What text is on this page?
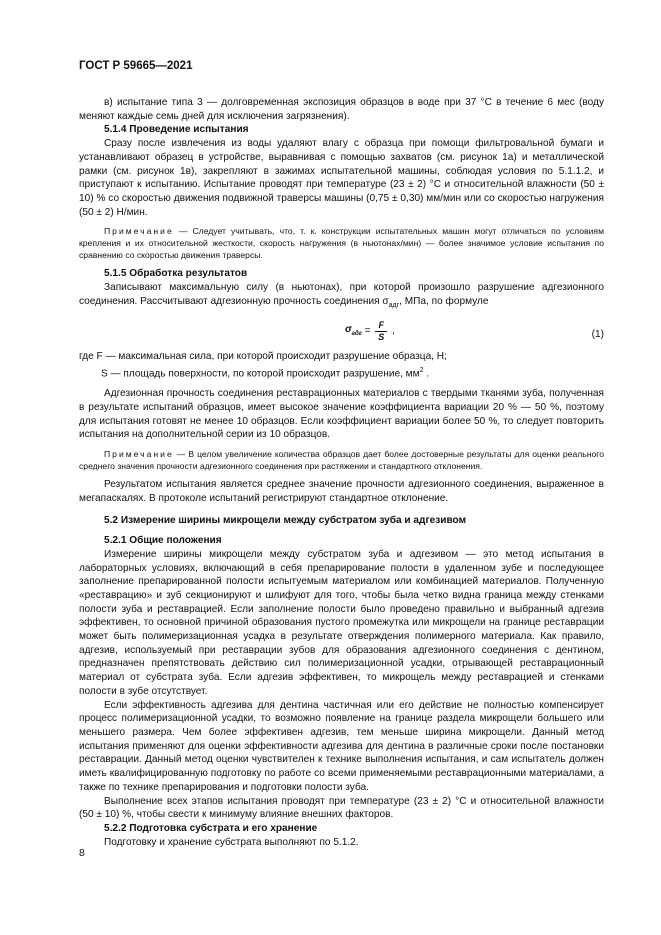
ГОСТ Р 59665—2021

в) испытание типа 3 — долговременная экспозиция образцов в воде при 37 °С в течение 6 мес (воду меняют каждые семь дней для исключения загрязнения).

5.1.4 Проведение испытания

Сразу после извлечения из воды удаляют влагу с образца при помощи фильтровальной бумаги и устанавливают образец в устройстве, выравнивая с помощью захватов (см. рисунок 1а) и металлической рамки (см. рисунок 1в), закрепляют в зажимах испытательной машины, соблюдая условия по 5.1.1.2, и приступают к испытанию. Испытание проводят при температуре (23 ± 2) °С и относительной влажности (50 ± 10) % со скоростью движения подвижной траверсы машины (0,75 ± 0,30) мм/мин или со скоростью нагружения (50 ± 2) Н/мин.

Примечание — Следует учитывать, что, т. к. конструкции испытательных машин могут отличаться по условиям крепления и их относительной жесткости, скорость нагружения (в ньютонах/мин) — более значимое условие испытания по сравнению со скоростью движения траверсы.

5.1.5 Обработка результатов

Записывают максимальную силу (в ньютонах), при которой произошло разрушение адгезионного соединения. Рассчитывают адгезионную прочность соединения $\sigma_{адг}$, МПа, по формуле

$\sigma_{адг} = \frac{F}{S}$ ,	(1)

где F — максимальная сила, при которой происходит разрушение образца, Н;

S — площадь поверхности, по которой происходит разрушение, $мм^2$ .

Адгезионная прочность соединения реставрационных материалов с твердыми тканями зуба, полученная в результате испытаний образцов, имеет высокое значение коэффициента вариации 20 % — 50 %, поэтому для испытания готовят не менее 10 образцов. Если коэффициент вариации более 50 %, то следует повторить испытания на дополнительной серии из 10 образцов.

Примечание — В целом увеличение количества образцов дает более достоверные результаты для оценки реального среднего значения прочности адгезионного соединения при растяжении и стандартного отклонения.

Результатом испытания является среднее значение прочности адгезионного соединения, выраженное в мегапаскалях. В протоколе испытаний регистрируют стандартное отклонение.

5.2 Измерение ширины микрощели между субстратом зуба и адгезивом

5.2.1 Общие положения

Измерение ширины микрощели между субстратом зуба и адгезивом — это метод испытания в лабораторных условиях, включающий в себя препарирование полости в удаленном зубе и последующее заполнение препарированной полости испытуемым материалом или комбинацией материалов. Полученную «реставрацию» и зуб секционируют и шлифуют для того, чтобы была четко видна граница между стенками полости зуба и реставрацией. Если заполнение полости было проведено правильно и выбранный адгезив эффективен, то основной причиной образования пустого промежутка или микрощели на границе реставрации может быть полимеризационная усадка в результате отверждения полимерного материала. Как правило, адгезив, используемый при реставрации зубов для образования адгезионного соединения с дентином, предназначен препятствовать действию сил полимеризационной усадки, отрывающей реставрационный материал от субстрата зуба. Если адгезив эффективен, то микрощель между реставрацией и стенками полости в зубе отсутствует.

Если эффективность адгезива для дентина частичная или его действие не полностью компенсирует процесс полимеризационной усадки, то возможно появление на границе раздела микрощели большего или меньшего размера. Чем более эффективен адгезив, тем меньше ширина микрощели. Данный метод испытания применяют для оценки эффективности адгезива для дентина в различные сроки после постановки реставрации. Данный метод оценки чувствителен к технике выполнения испытания, и сам испытатель должен иметь квалифицированную подготовку по работе со всеми применяемыми реставрационными материалами, а также по технике препарирования и подготовки полости зуба.

Выполнение всех этапов испытания проводят при температуре (23 ± 2) °С и относительной влажности (50 ± 10) %, чтобы свести к минимуму влияние внешних факторов.

5.2.2 Подготовка субстрата и его хранение

Подготовку и хранение субстрата выполняют по 5.1.2.

8
